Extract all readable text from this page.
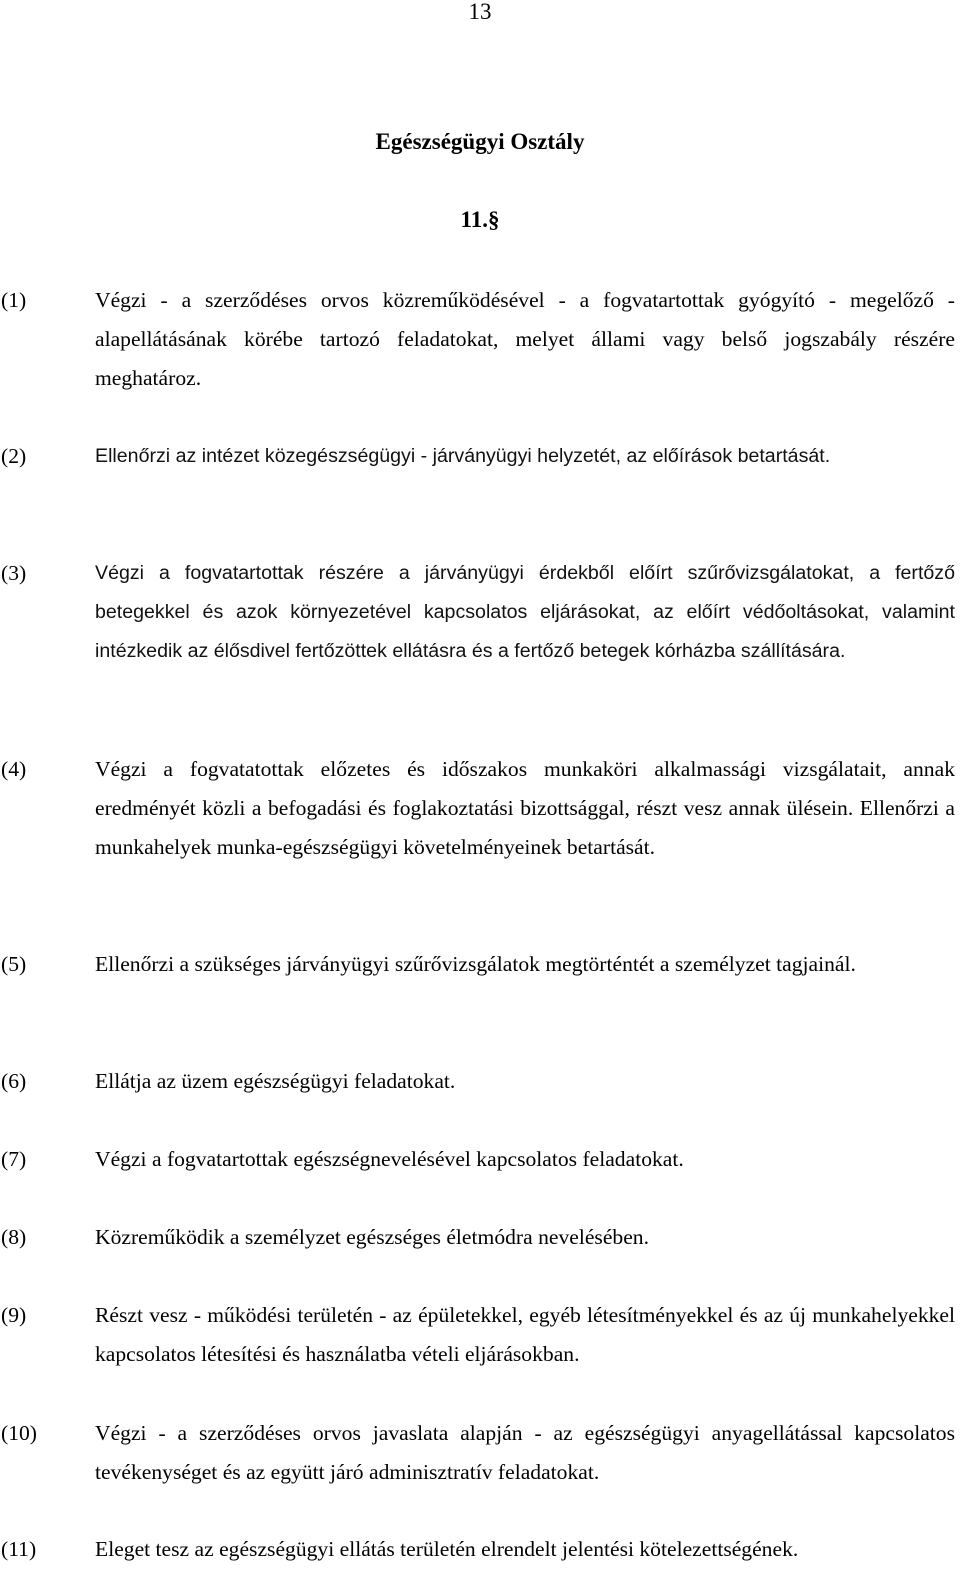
13
Egészségügyi Osztály
11.§
(1)	Végzi - a szerződéses orvos közreműködésével - a fogvatartottak gyógyító - megelőző - alapellátásának körébe tartozó feladatokat, melyet állami vagy belső jogszabály részére meghatároz.
(2)	Ellenőrzi az intézet közegészségügyi - járványügyi helyzetét, az előírások betartását.
(3)	Végzi a fogvatartottak részére a járványügyi érdekből előírt szűrővizsgálatokat, a fertőző betegekkel és azok környezetével kapcsolatos eljárásokat, az előírt védőoltásokat, valamint intézkedik az élősdivel fertőzöttek ellátásra és a fertőző betegek kórházba szállítására.
(4)	Végzi a fogvatatottak előzetes és időszakos munkaköri alkalmassági vizsgálatait, annak eredményét közli a befogadási és foglakoztatási bizottsággal, részt vesz annak ülésein. Ellenőrzi a munkahelyek munka-egészségügyi követelményeinek betartását.
(5)	Ellenőrzi a szükséges járványügyi szűrővizsgálatok megtörténtét a személyzet tagjainál.
(6)	Ellátja az üzem egészségügyi feladatokat.
(7)	Végzi a fogvatartottak egészségnevelésével kapcsolatos feladatokat.
(8)	Közreműködik a személyzet egészséges életmódra nevelésében.
(9)	Részt vesz - működési területén - az épületekkel, egyéb létesítményekkel és az új munkahelyekkel kapcsolatos létesítési és használatba vételi eljárásokban.
(10)	Végzi - a szerződéses orvos javaslata alapján - az egészségügyi anyagellátással kapcsolatos tevékenységet és az együtt járó adminisztratív feladatokat.
(11)	Eleget tesz az egészségügyi ellátás területén elrendelt jelentési kötelezettségének.
